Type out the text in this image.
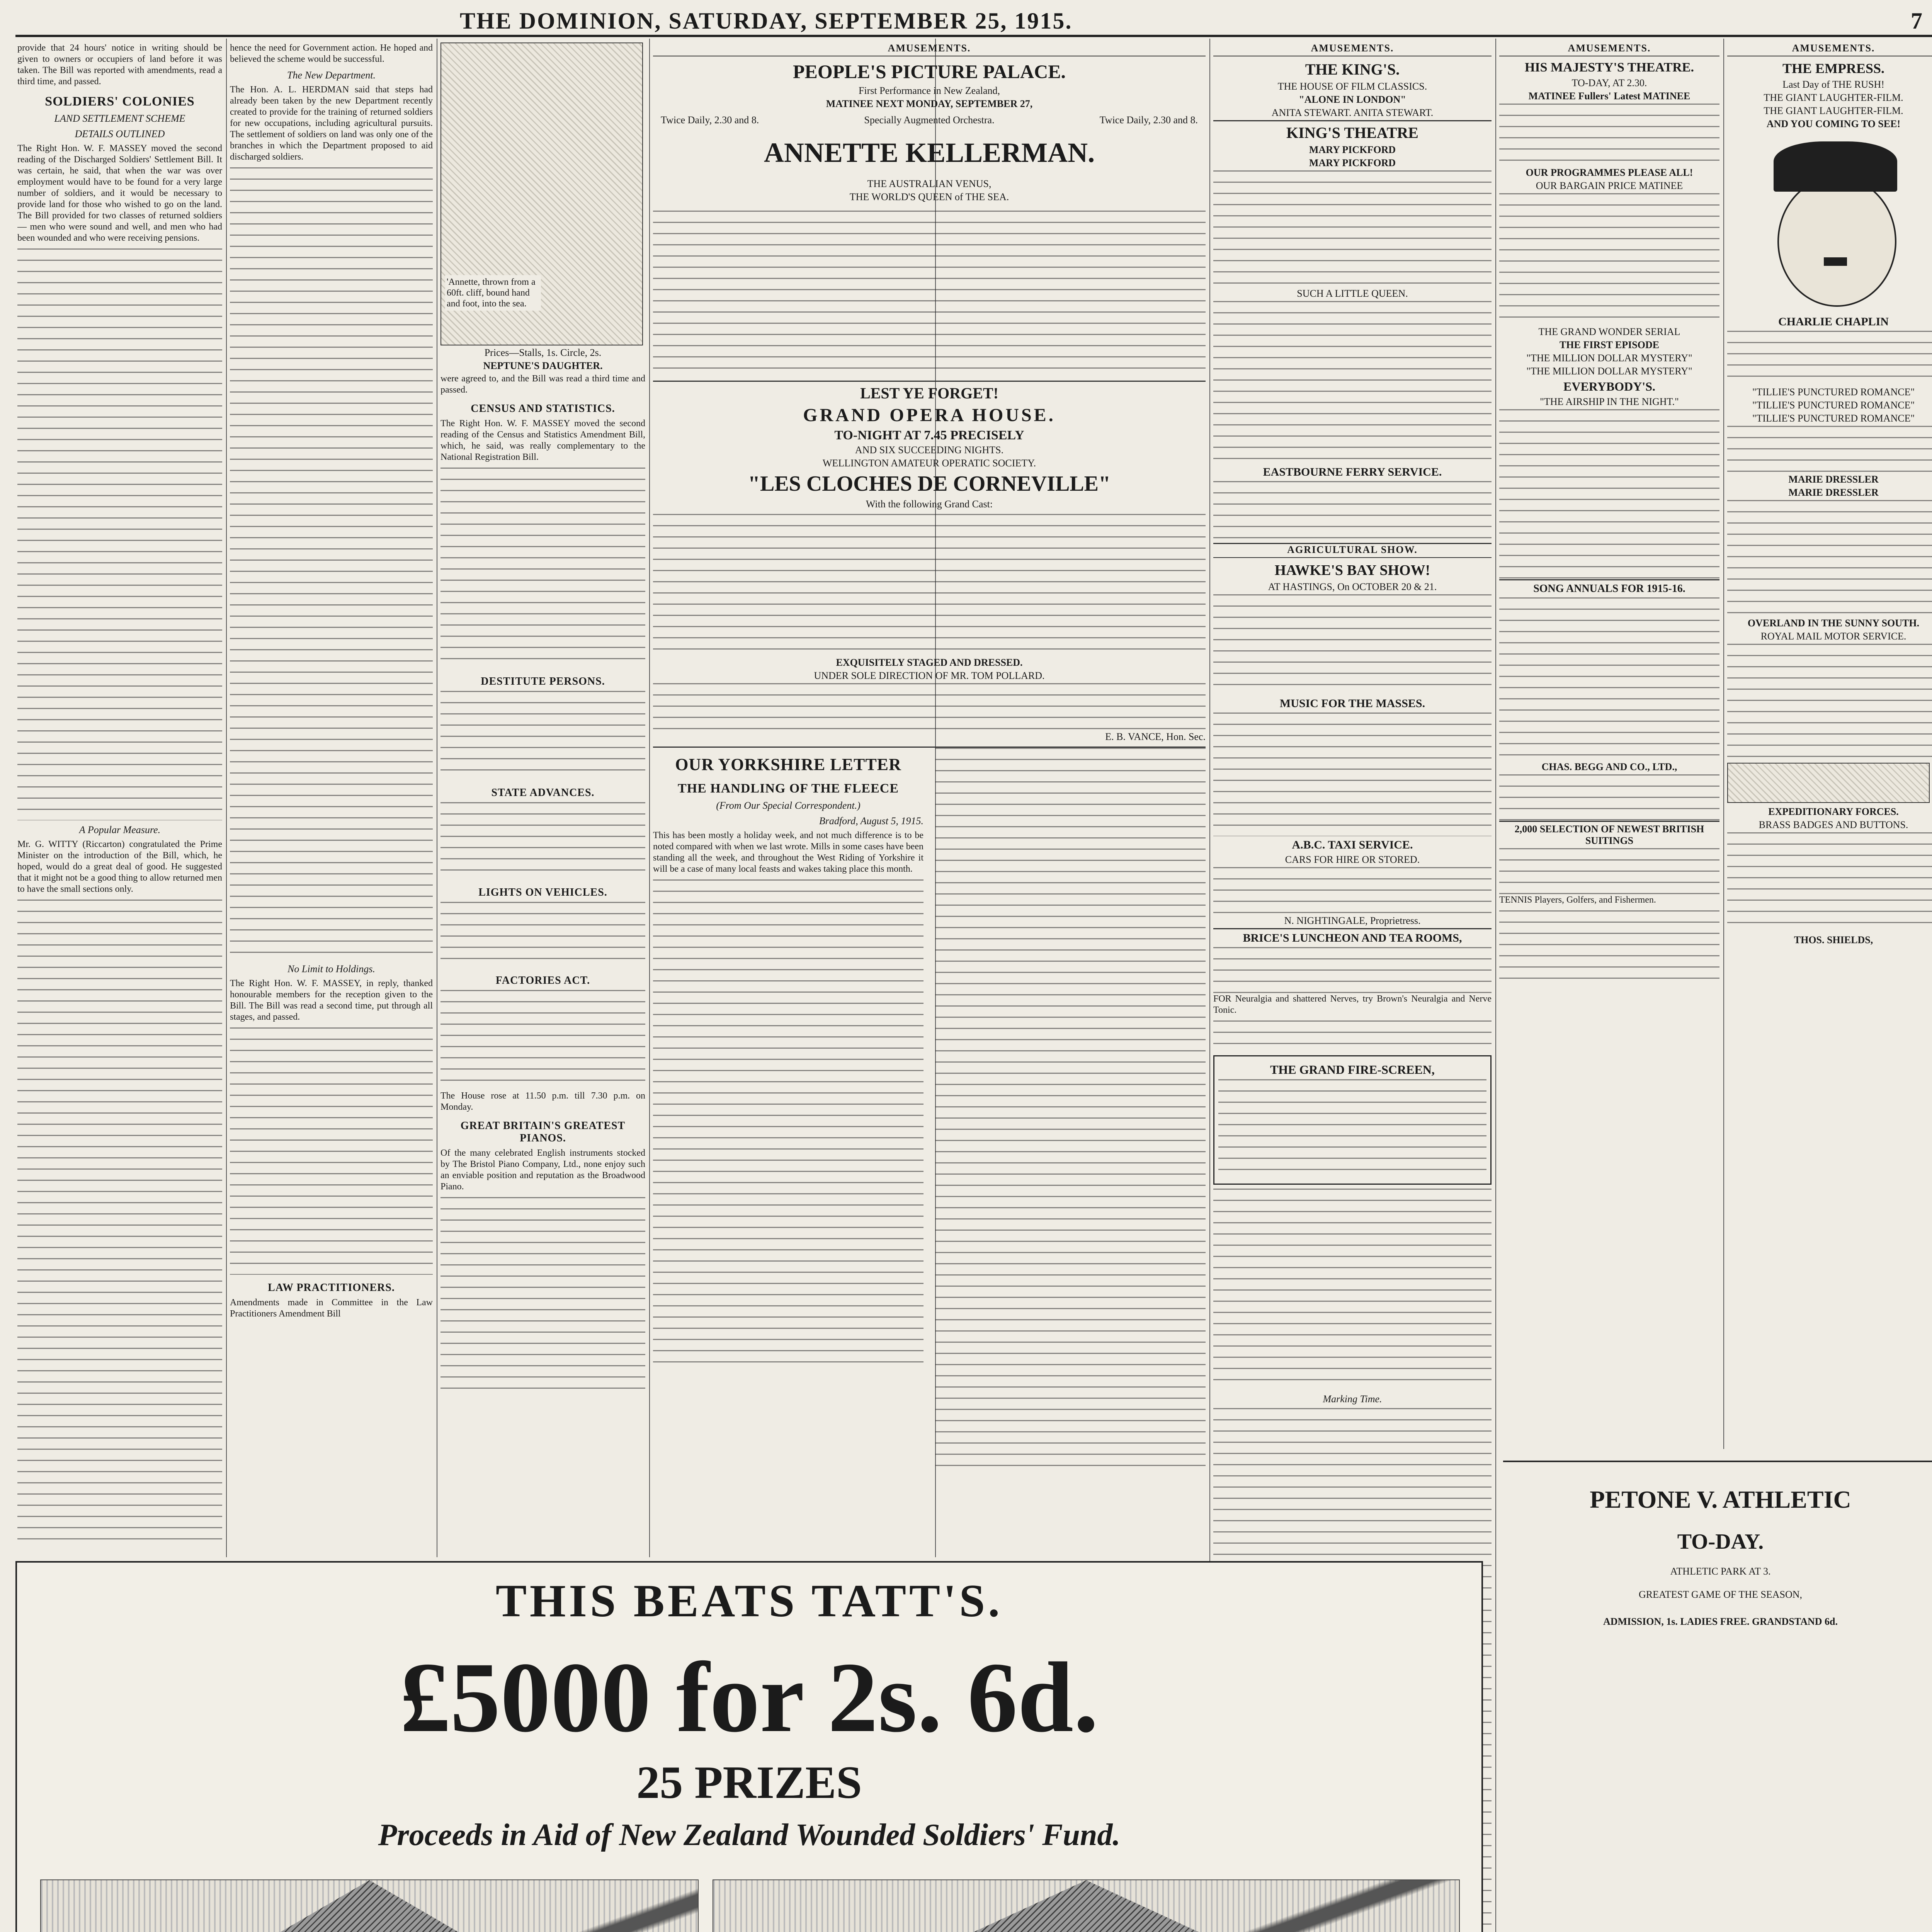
THE DOMINION, SATURDAY, SEPTEMBER 25, 1915.	7

provide that 24 hours' notice in writing should be given to owners or occupiers of land before it was taken. The Bill was reported with amendments, read a third time, and passed.

SOLDIERS' COLONIES
LAND SETTLEMENT SCHEME
DETAILS OUTLINED

The Right Hon. W. F. MASSEY moved the second reading of the Discharged Soldiers' Settlement Bill. It was certain, he said, that when the war was over employment would have to be found for a very large number of soldiers, and it would be necessary to provide land for those who wished to go on the land. The Bill provided for two classes of returned soldiers — men who were sound and well, and men who had been wounded and who were receiving pensions.

A Popular Measure.

Mr. G. WITTY (Riccarton) congratulated the Prime Minister on the introduction of the Bill, which, he hoped, would do a great deal of good. He suggested that it might not be a good thing to allow returned men to have the small sections only.

hence the need for Government action. He hoped and believed the scheme would be successful.

The New Department.

The Hon. A. L. HERDMAN said that steps had already been taken by the new Department recently created to provide for the training of returned soldiers for new occupations, including agricultural pursuits. The settlement of soldiers on land was only one of the branches in which the Department proposed to aid discharged soldiers.

No Limit to Holdings.

The Right Hon. W. F. MASSEY, in reply, thanked honourable members for the reception given to the Bill. The Bill was read a second time, put through all stages, and passed.

LAW PRACTITIONERS.

Amendments made in Committee in the Law Practitioners Amendment Bill

'Annette, thrown from a 60ft. cliff, bound hand and foot, into the sea.
Prices—Stalls, 1s. Circle, 2s.
NEPTUNE'S DAUGHTER.

were agreed to, and the Bill was read a third time and passed.

CENSUS AND STATISTICS.

The Right Hon. W. F. MASSEY moved the second reading of the Census and Statistics Amendment Bill, which, he said, was really complementary to the National Registration Bill.

DESTITUTE PERSONS.
STATE ADVANCES.
LIGHTS ON VEHICLES.
FACTORIES ACT.

The House rose at 11.50 p.m. till 7.30 p.m. on Monday.

GREAT BRITAIN'S GREATEST PIANOS.

Of the many celebrated English instruments stocked by The Bristol Piano Company, Ltd., none enjoy such an enviable position and reputation as the Broadwood Piano.

AMUSEMENTS.
PEOPLE'S PICTURE PALACE.
First Performance in New Zealand,
MATINEE NEXT MONDAY, SEPTEMBER 27,
Twice Daily, 2.30 and 8.	Specially Augmented Orchestra.	Twice Daily, 2.30 and 8.
ANNETTE KELLERMAN.
THE AUSTRALIAN VENUS,
THE WORLD'S QUEEN of THE SEA.
LEST YE FORGET!
GRAND OPERA HOUSE.
TO-NIGHT AT 7.45 PRECISELY
AND SIX SUCCEEDING NIGHTS.
WELLINGTON AMATEUR OPERATIC SOCIETY.
"LES CLOCHES DE CORNEVILLE"
With the following Grand Cast:
EXQUISITELY STAGED AND DRESSED.
UNDER SOLE DIRECTION OF MR. TOM POLLARD.
E. B. VANCE, Hon. Sec.
OUR YORKSHIRE LETTER
THE HANDLING OF THE FLEECE
(From Our Special Correspondent.)
Bradford, August 5, 1915.

This has been mostly a holiday week, and not much difference is to be noted compared with when we last wrote. Mills in some cases have been standing all the week, and throughout the West Riding of Yorkshire it will be a case of many local feasts and wakes taking place this month.

AMUSEMENTS.
THE KING'S.
THE HOUSE OF FILM CLASSICS.
"ALONE IN LONDON"
ANITA STEWART. ANITA STEWART.
KING'S THEATRE
MARY PICKFORD
MARY PICKFORD
SUCH A LITTLE QUEEN.
EASTBOURNE FERRY SERVICE.
AGRICULTURAL SHOW.
HAWKE'S BAY SHOW!
AT HASTINGS, On OCTOBER 20 & 21.
MUSIC FOR THE MASSES.
A.B.C. TAXI SERVICE.
CARS FOR HIRE OR STORED.
N. NIGHTINGALE, Proprietress.
BRICE'S LUNCHEON AND TEA ROOMS,

FOR Neuralgia and shattered Nerves, try Brown's Neuralgia and Nerve Tonic.

THE GRAND FIRE-SCREEN,
Marking Time.

AMUSEMENTS.
HIS MAJESTY'S THEATRE.
TO-DAY, AT 2.30.
MATINEE Fullers' Latest MATINEE
OUR PROGRAMMES PLEASE ALL!
OUR BARGAIN PRICE MATINEE
THE GRAND WONDER SERIAL
THE FIRST EPISODE
"THE MILLION DOLLAR MYSTERY"
"THE MILLION DOLLAR MYSTERY"
EVERYBODY'S.
"THE AIRSHIP IN THE NIGHT."
SONG ANNUALS FOR 1915-16.
CHAS. BEGG AND CO., LTD.,
2,000 SELECTION OF NEWEST BRITISH SUITINGS

TENNIS Players, Golfers, and Fishermen.

AMUSEMENTS.
THE EMPRESS.
Last Day of THE RUSH!
THE GIANT LAUGHTER-FILM.
THE GIANT LAUGHTER-FILM.
AND YOU COMING TO SEE!
CHARLIE CHAPLIN
"TILLIE'S PUNCTURED ROMANCE"
"TILLIE'S PUNCTURED ROMANCE"
"TILLIE'S PUNCTURED ROMANCE"
MARIE DRESSLER
MARIE DRESSLER
OVERLAND IN THE SUNNY SOUTH.
ROYAL MAIL MOTOR SERVICE.
EXPEDITIONARY FORCES.
BRASS BADGES AND BUTTONS.
THOS. SHIELDS,
PETONE V. ATHLETIC
TO-DAY.
ATHLETIC PARK AT 3.
GREATEST GAME OF THE SEASON,
ADMISSION, 1s. LADIES FREE. GRANDSTAND 6d.

THIS BEATS TATT'S.
£5000 for 2s. 6d.
25 PRIZES
Proceeds in Aid of New Zealand Wounded Soldiers' Fund.
